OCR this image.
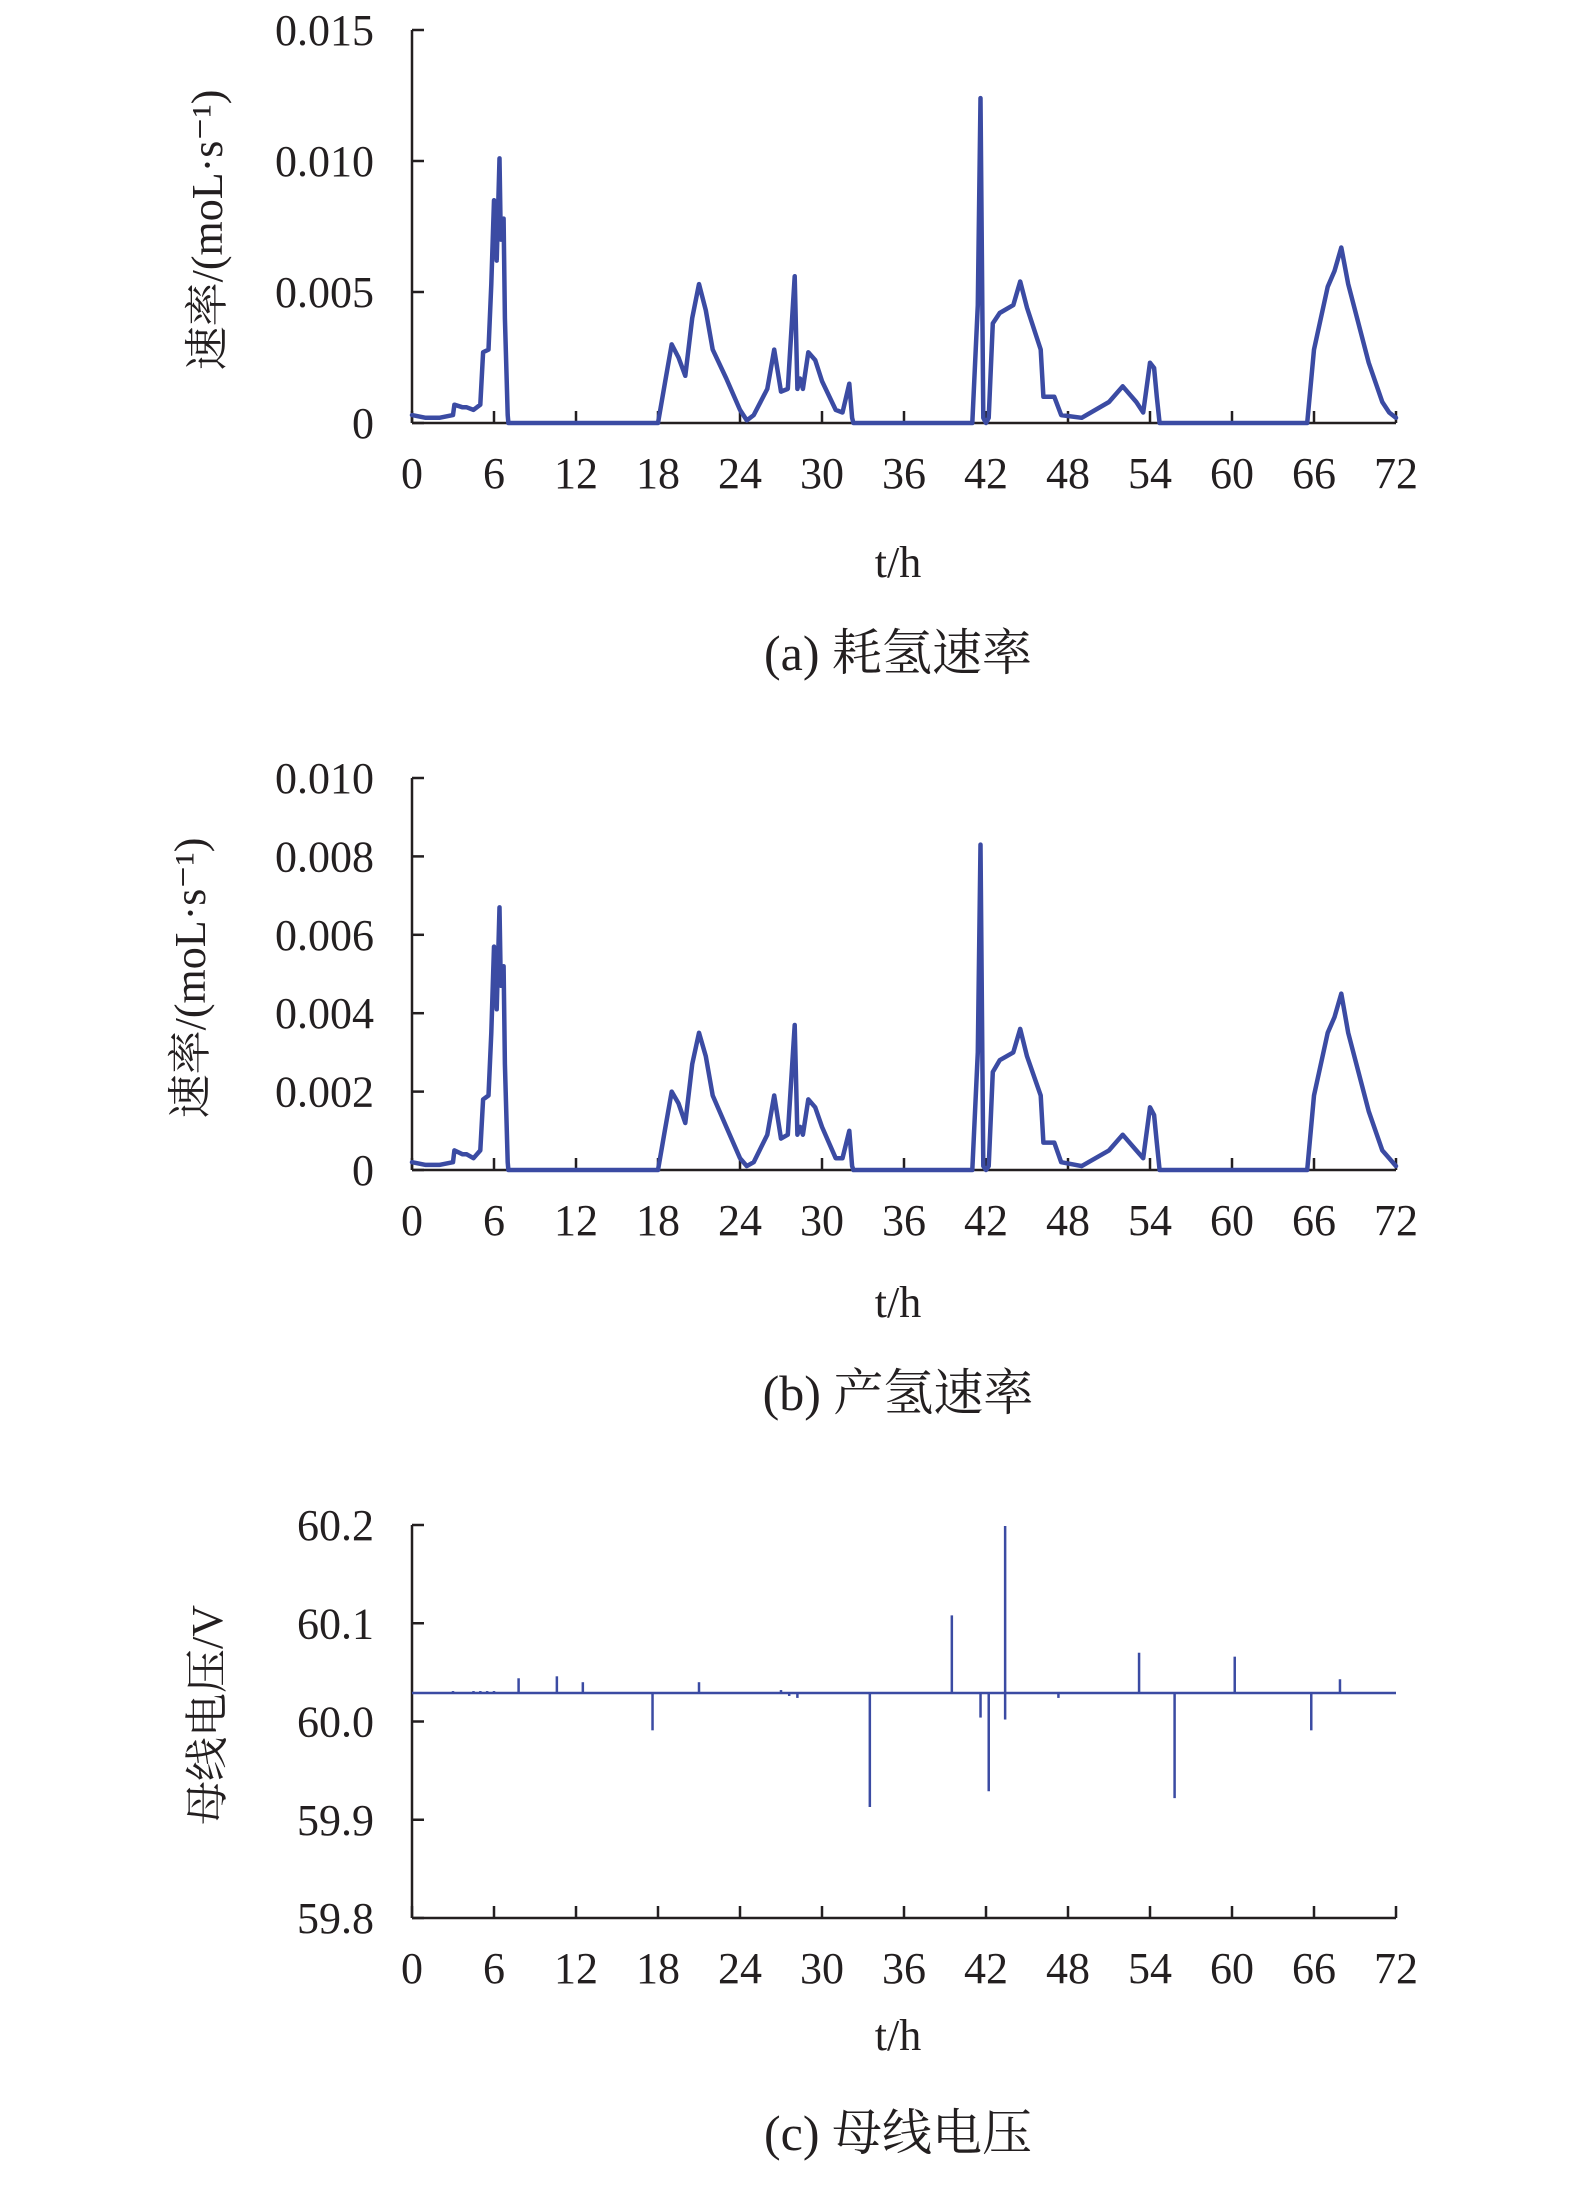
速率/(moL·s⁻¹)
0
0.005
0.010
0.015
0 6 12 18 24 30 36 42 48 54 60 66 72
t/h
(a) 耗氢速率
速率/(moL·s⁻¹)
0
0.002
0.004
0.006
0.008
0.010
0 6 12 18 24 30 36 42 48 54 60 66 72
t/h
(b) 产氢速率
母线电压/V
59.8
59.9
60.0
60.1
60.2
0 6 12 18 24 30 36 42 48 54 60 66 72
t/h
(c) 母线电压
